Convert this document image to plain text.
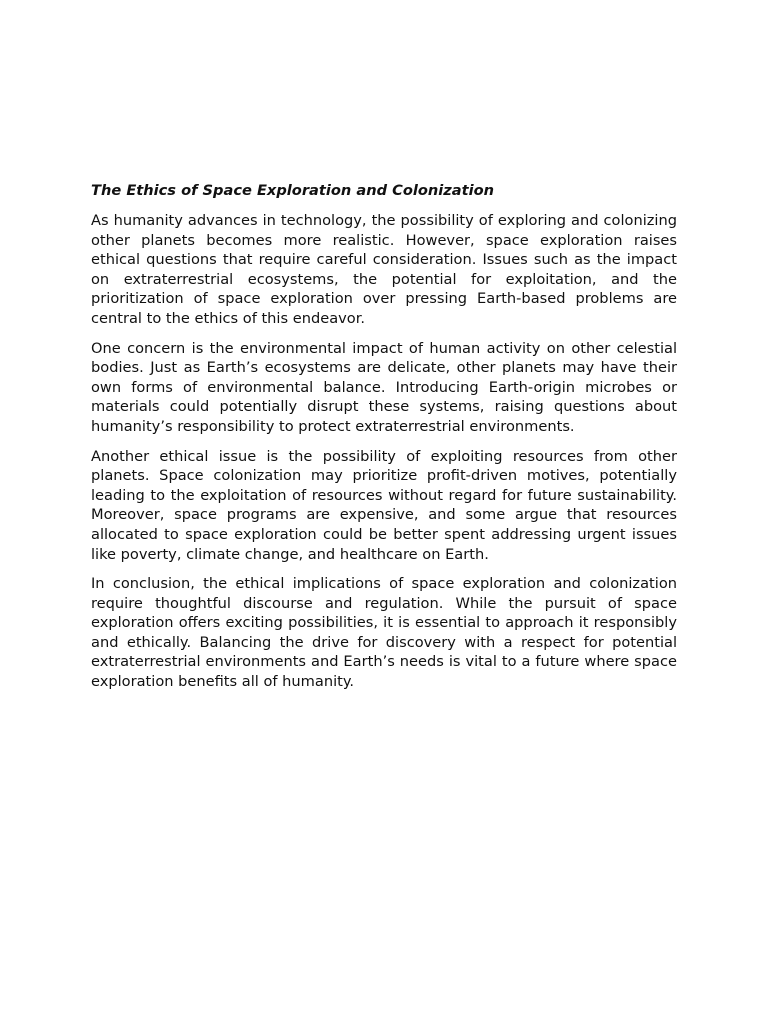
The Ethics of Space Exploration and Colonization

As humanity advances in technology, the possibility of exploring and colonizing other planets becomes more realistic. However, space exploration raises ethical questions that require careful consideration. Issues such as the impact on extraterrestrial ecosystems, the potential for exploitation, and the prioritization of space exploration over pressing Earth-based problems are central to the ethics of this endeavor.

One concern is the environmental impact of human activity on other celestial bodies. Just as Earth’s ecosystems are delicate, other planets may have their own forms of environmental balance. Introducing Earth-origin microbes or materials could potentially disrupt these systems, raising questions about humanity’s responsibility to protect extraterrestrial environments.

Another ethical issue is the possibility of exploiting resources from other planets. Space colonization may prioritize profit-driven motives, potentially leading to the exploitation of resources without regard for future sustainability. Moreover, space programs are expensive, and some argue that resources allocated to space exploration could be better spent addressing urgent issues like poverty, climate change, and healthcare on Earth.

In conclusion, the ethical implications of space exploration and colonization require thoughtful discourse and regulation. While the pursuit of space exploration offers exciting possibilities, it is essential to approach it responsibly and ethically. Balancing the drive for discovery with a respect for potential extraterrestrial environments and Earth’s needs is vital to a future where space exploration benefits all of humanity.
